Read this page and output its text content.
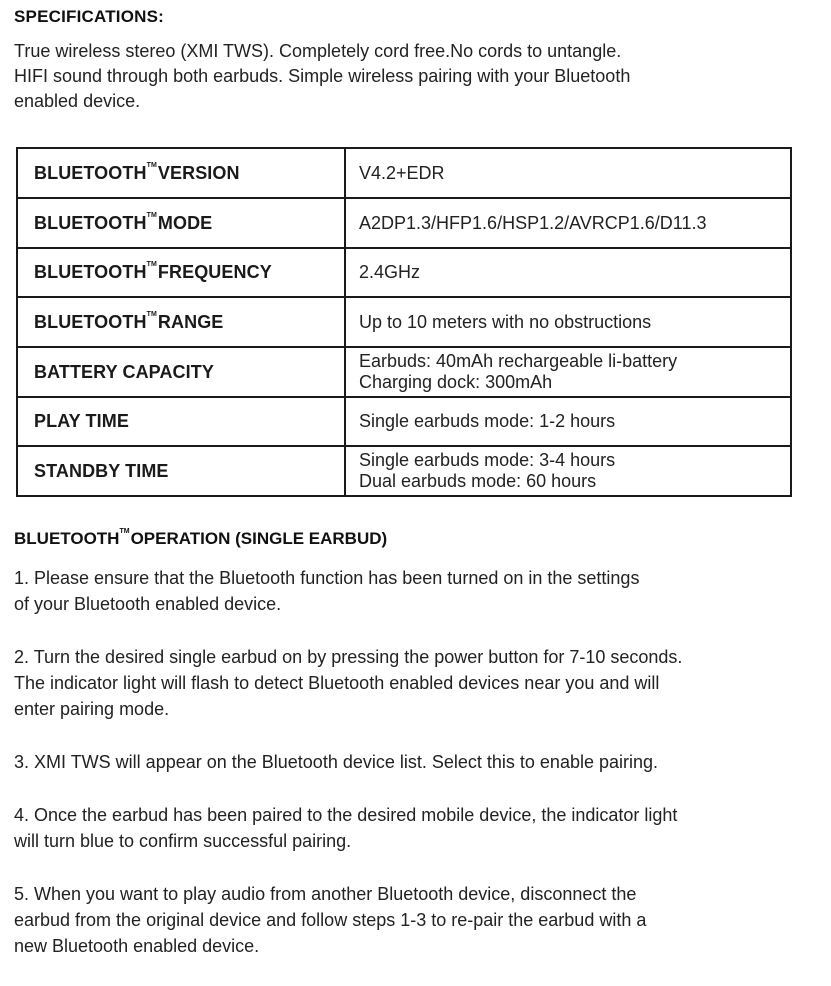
SPECIFICATIONS:
True wireless stereo (XMI TWS). Completely cord free.No cords to untangle.
HIFI sound through both earbuds. Simple wireless pairing with your Bluetooth
enabled device.
BLUETOOTH™VERSION	V4.2+EDR

BLUETOOTH™MODE	A2DP1.3/HFP1.6/HSP1.2/AVRCP1.6/D11.3

BLUETOOTH™FREQUENCY	2.4GHz

BLUETOOTH™RANGE	Up to 10 meters with no obstructions

BATTERY CAPACITY	Earbuds: 40mAh rechargeable li-battery
Charging dock: 300mAh

PLAY TIME	Single earbuds mode: 1-2 hours

STANDBY TIME	Single earbuds mode: 3-4 hours
Dual earbuds mode: 60 hours
BLUETOOTH™OPERATION (SINGLE EARBUD)
1. Please ensure that the Bluetooth function has been turned on in the settings
of your Bluetooth enabled device.
2. Turn the desired single earbud on by pressing the power button for 7-10 seconds.
The indicator light will flash to detect Bluetooth enabled devices near you and will
enter pairing mode.
3. XMI TWS will appear on the Bluetooth device list. Select this to enable pairing.
4. Once the earbud has been paired to the desired mobile device, the indicator light
will turn blue to confirm successful pairing.
5. When you want to play audio from another Bluetooth device, disconnect the
earbud from the original device and follow steps 1-3 to re-pair the earbud with a
new Bluetooth enabled device.
